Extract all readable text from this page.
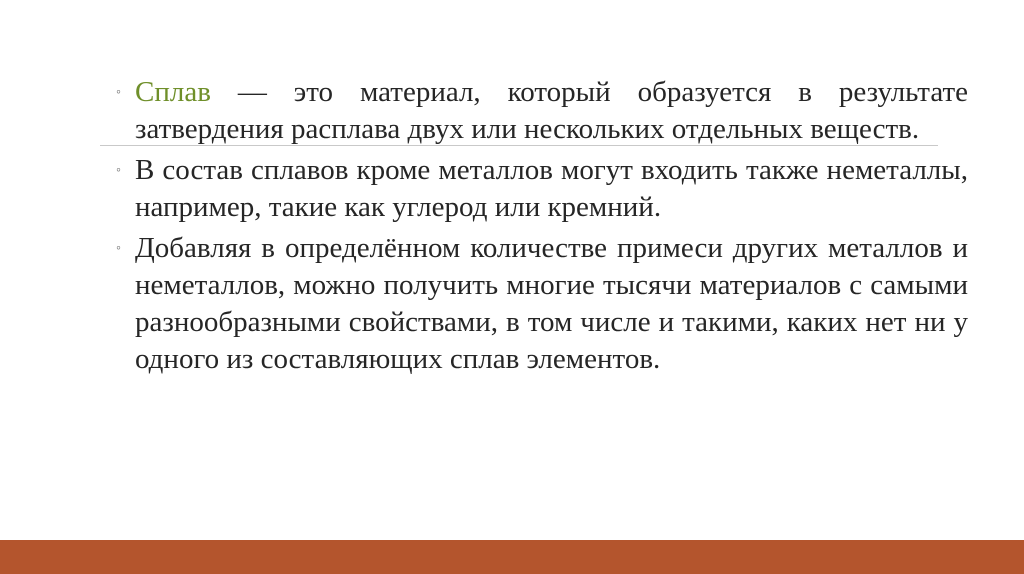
◦ Сплав — это материал, который образуется в результате затвердения расплава двух или нескольких отдельных веществ.

◦ В состав сплавов кроме металлов могут входить также неметаллы, например, такие как углерод или кремний.

◦ Добавляя в определённом количестве примеси других металлов и неметаллов, можно получить многие тысячи материалов с самыми разнообразными свойствами, в том числе и такими, каких нет ни у одного из составляющих сплав элементов.
